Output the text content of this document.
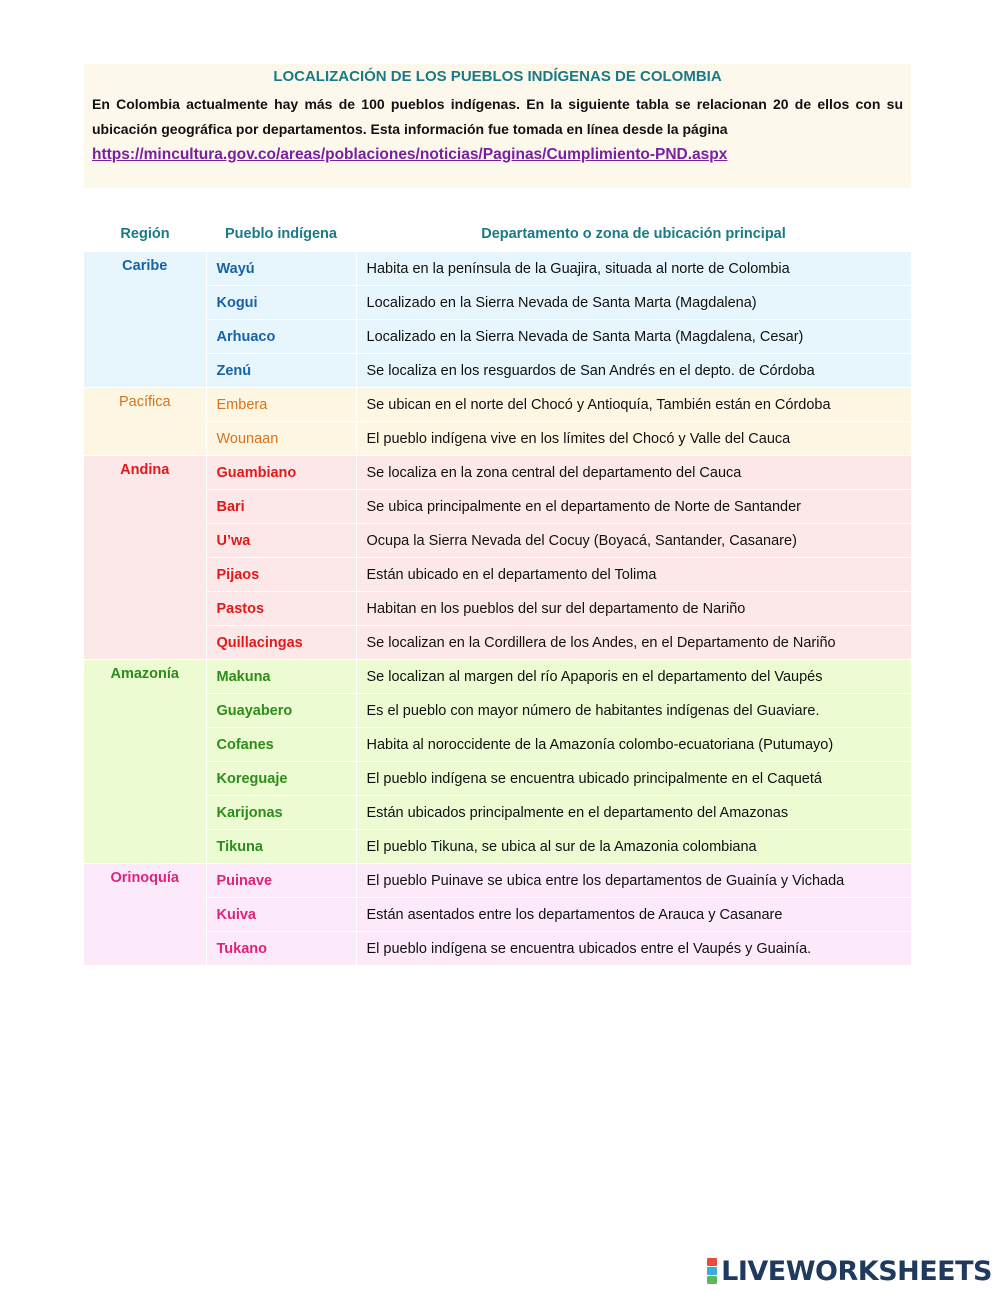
LOCALIZACIÓN DE LOS PUEBLOS INDÍGENAS DE COLOMBIA

En Colombia actualmente hay más de 100 pueblos indígenas. En la siguiente tabla se relacionan 20 de ellos con su ubicación geográfica por departamentos. Esta información fue tomada en línea desde la página
https://mincultura.gov.co/areas/poblaciones/noticias/Paginas/Cumplimiento-PND.aspx

Región	Pueblo indígena	Departamento o zona de ubicación principal
Caribe	Wayú	Habita en la península de la Guajira, situada al norte de Colombia
	Kogui	Localizado en la Sierra Nevada de Santa Marta (Magdalena)
	Arhuaco	Localizado en la Sierra Nevada de Santa Marta (Magdalena, Cesar)
	Zenú	Se localiza en los resguardos de San Andrés en el depto. de Córdoba
Pacífica	Embera	Se ubican en el norte del Chocó y Antioquía, También están en Córdoba
	Wounaan	El pueblo indígena vive en los límites del Chocó y Valle del Cauca
Andina	Guambiano	Se localiza en la zona central del departamento del Cauca
	Bari	Se ubica principalmente en el departamento de Norte de Santander
	U’wa	Ocupa la Sierra Nevada del Cocuy (Boyacá, Santander, Casanare)
	Pijaos	Están ubicado en el departamento del Tolima
	Pastos	Habitan en los pueblos del sur del departamento de Nariño
	Quillacingas	Se localizan en la Cordillera de los Andes, en el Departamento de Nariño
Amazonía	Makuna	Se localizan al margen del río Apaporis en el departamento del Vaupés
	Guayabero	Es el pueblo con mayor número de habitantes indígenas del Guaviare.
	Cofanes	Habita al noroccidente de la Amazonía colombo-ecuatoriana (Putumayo)
	Koreguaje	El pueblo indígena se encuentra ubicado principalmente en el Caquetá
	Karijonas	Están ubicados principalmente en el departamento del Amazonas
	Tikuna	El pueblo Tikuna, se ubica al sur de la Amazonia colombiana
Orinoquía	Puinave	El pueblo Puinave se ubica entre los departamentos de Guainía y Vichada
	Kuiva	Están asentados entre los departamentos de Arauca y Casanare
	Tukano	El pueblo indígena se encuentra ubicados entre el Vaupés y Guainía.
LIVEWORKSHEETS
